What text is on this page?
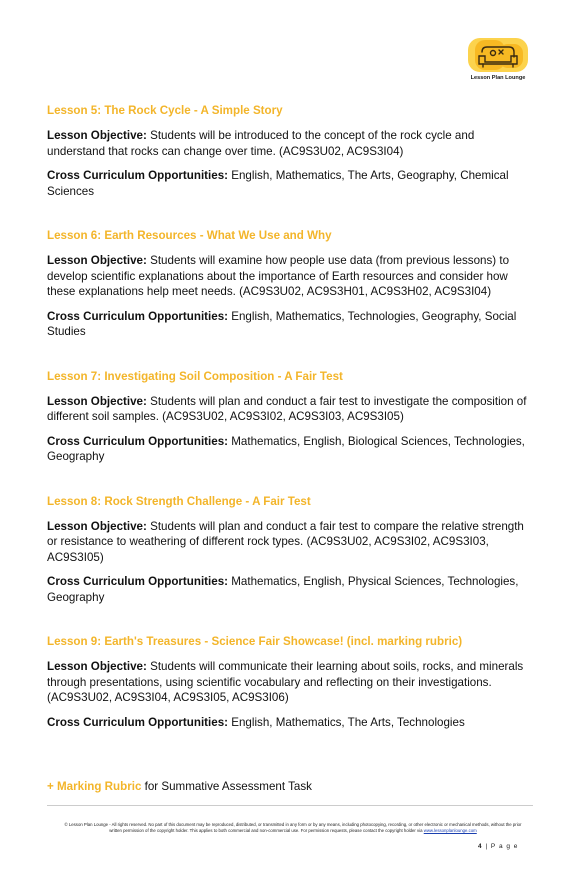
Lesson Plan Lounge
Lesson 5: The Rock Cycle - A Simple Story
Lesson Objective: Students will be introduced to the concept of the rock cycle and understand that rocks can change over time. (AC9S3U02, AC9S3I04)
Cross Curriculum Opportunities: English, Mathematics, The Arts, Geography, Chemical Sciences
Lesson 6: Earth Resources - What We Use and Why
Lesson Objective: Students will examine how people use data (from previous lessons) to develop scientific explanations about the importance of Earth resources and consider how these explanations help meet needs. (AC9S3U02, AC9S3H01, AC9S3H02, AC9S3I04)
Cross Curriculum Opportunities: English, Mathematics, Technologies, Geography, Social Studies
Lesson 7: Investigating Soil Composition - A Fair Test
Lesson Objective: Students will plan and conduct a fair test to investigate the composition of different soil samples. (AC9S3U02, AC9S3I02, AC9S3I03, AC9S3I05)
Cross Curriculum Opportunities: Mathematics, English, Biological Sciences, Technologies, Geography
Lesson 8: Rock Strength Challenge - A Fair Test
Lesson Objective: Students will plan and conduct a fair test to compare the relative strength or resistance to weathering of different rock types. (AC9S3U02, AC9S3I02, AC9S3I03, AC9S3I05)
Cross Curriculum Opportunities: Mathematics, English, Physical Sciences, Technologies, Geography
Lesson 9: Earth's Treasures - Science Fair Showcase! (incl. marking rubric)
Lesson Objective: Students will communicate their learning about soils, rocks, and minerals through presentations, using scientific vocabulary and reflecting on their investigations. (AC9S3U02, AC9S3I04, AC9S3I05, AC9S3I06)
Cross Curriculum Opportunities: English, Mathematics, The Arts, Technologies
+ Marking Rubric for Summative Assessment Task
© Lesson Plan Lounge - All rights reserved. No part of this document may be reproduced, distributed, or transmitted in any form or by any means, including photocopying, recording, or other electronic or mechanical methods, without the prior written permission of the copyright holder. This applies to both commercial and non-commercial use. For permission requests, please contact the copyright holder via www.lessonplanlounge.com
4 | P a g e
